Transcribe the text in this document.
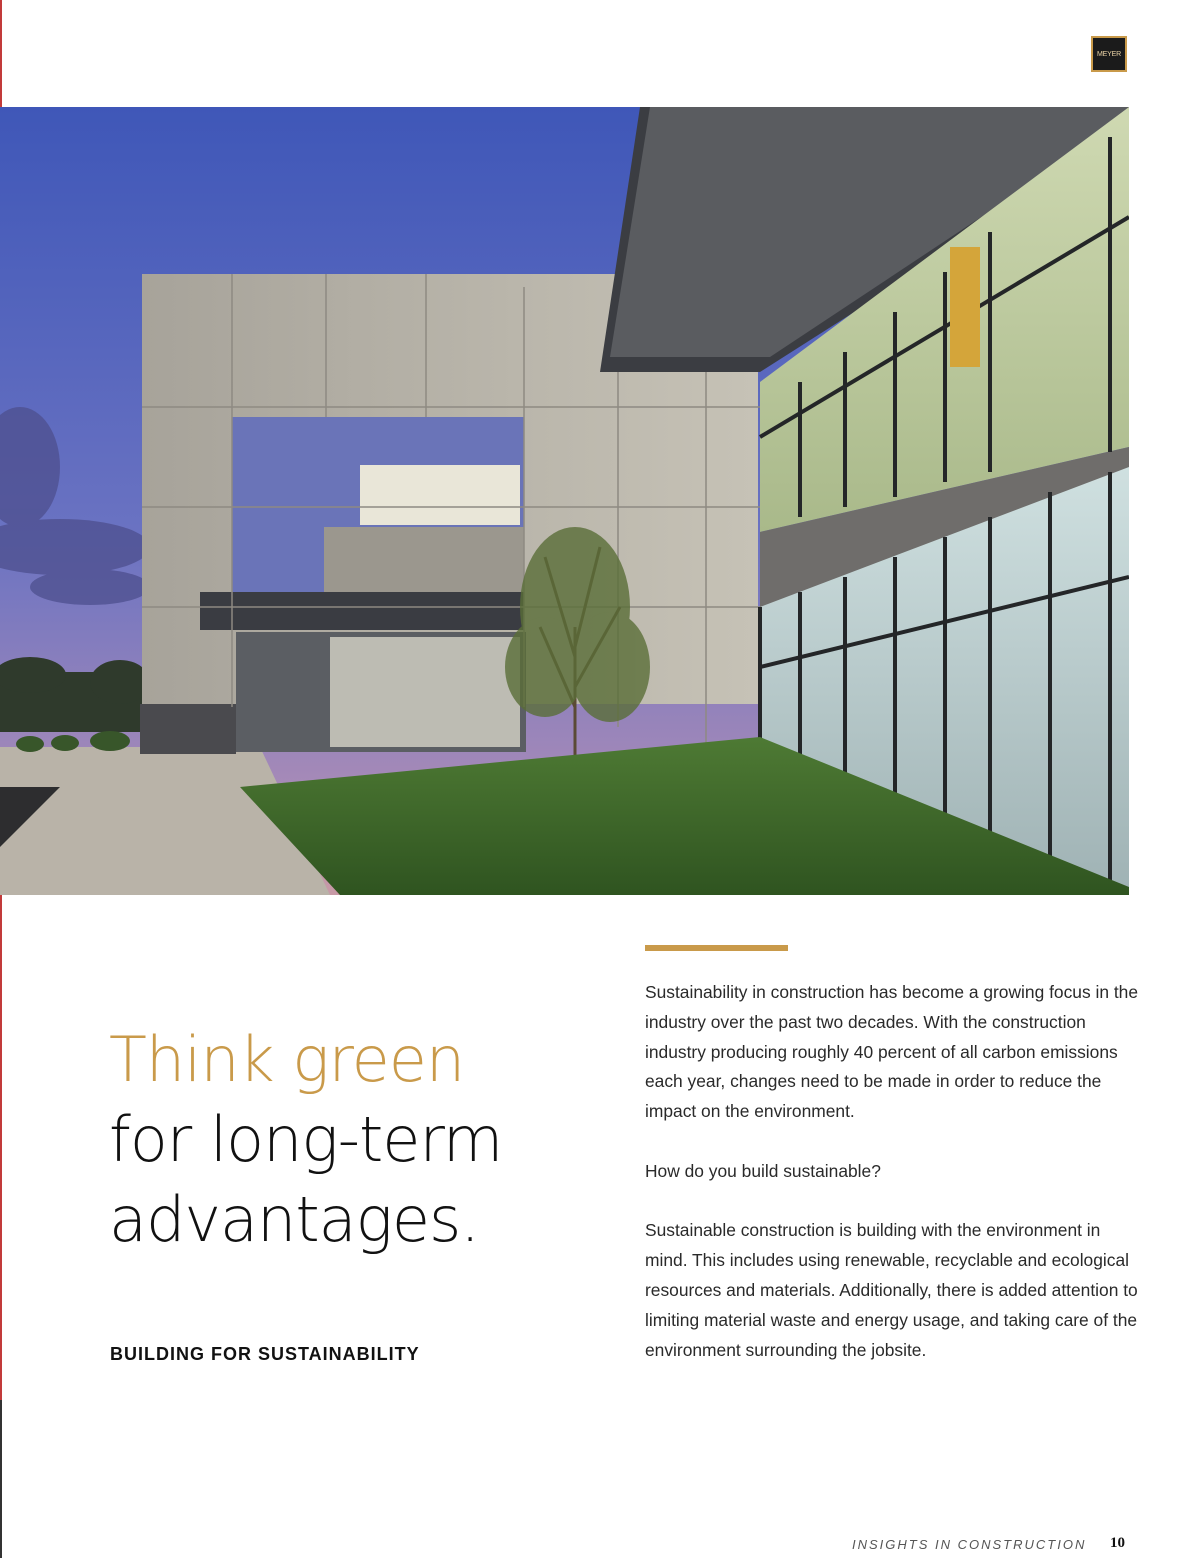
MEYER
Think green
for long-term
advantages.
BUILDING FOR SUSTAINABILITY

Sustainability in construction has become a growing focus in the industry over the past two decades. With the construction industry producing roughly 40 percent of all carbon emissions each year, changes need to be made in order to reduce the impact on the environment.

How do you build sustainable?

Sustainable construction is building with the environment in mind. This includes using renewable, recyclable and ecological resources and materials. Additionally, there is added attention to limiting material waste and energy usage, and taking care of the environment surrounding the jobsite.

INSIGHTS IN CONSTRUCTION 10
